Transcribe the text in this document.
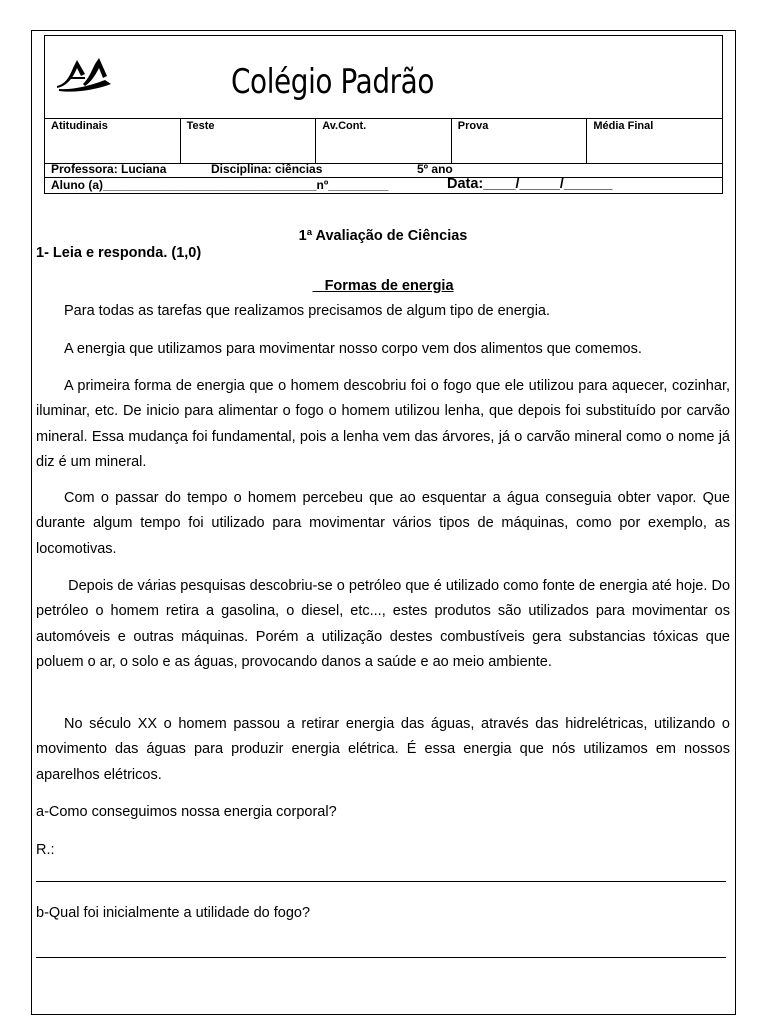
Colégio Padrão
Atitudinais	Teste	Av.Cont.	Prova	Média Final
Professora: Luciana	Disciplina: ciências	5º ano
Aluno (a)________________________________nº_________	Data:____/_____/______
1ª Avaliação de Ciências
1- Leia e responda. (1,0)
Formas de energia

Para todas as tarefas que realizamos precisamos de algum tipo de energia.

A energia que utilizamos para movimentar nosso corpo vem dos alimentos que comemos.

A primeira forma de energia que o homem descobriu foi o fogo que ele utilizou para aquecer, cozinhar, iluminar, etc. De inicio para alimentar o fogo o homem utilizou lenha, que depois foi substituído por carvão mineral. Essa mudança foi fundamental, pois a lenha vem das árvores, já o carvão mineral como o nome já diz é um mineral.

Com o passar do tempo o homem percebeu que ao esquentar a água conseguia obter vapor. Que durante algum tempo foi utilizado para movimentar vários tipos de máquinas, como por exemplo, as locomotivas.

Depois de várias pesquisas descobriu-se o petróleo que é utilizado como fonte de energia até hoje. Do petróleo o homem retira a gasolina, o diesel, etc..., estes produtos são utilizados para movimentar os automóveis e outras máquinas. Porém a utilização destes combustíveis gera substancias tóxicas que poluem o ar, o solo e as águas, provocando danos a saúde e ao meio ambiente.

No século XX o homem passou a retirar energia das águas, através das hidrelétricas, utilizando o movimento das águas para produzir energia elétrica. É essa energia que nós utilizamos em nossos aparelhos elétricos.

a-Como conseguimos nossa energia corporal?
R.:
b-Qual foi inicialmente a utilidade do fogo?
